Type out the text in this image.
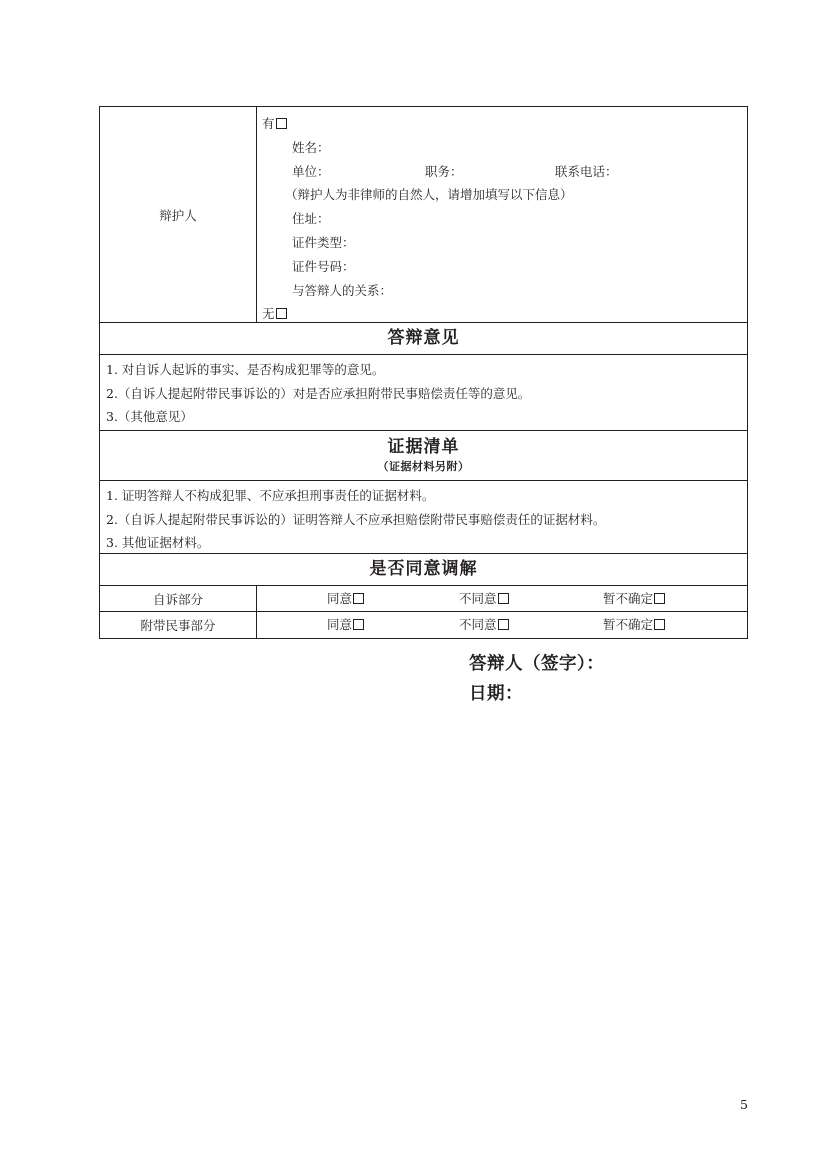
辩护人
有
姓名：
单位：	职务：	联系电话：
（辩护人为非律师的自然人，请增加填写以下信息）
住址：
证件类型：
证件号码：
与答辩人的关系：
无
答辩意见
1. 对自诉人起诉的事实、是否构成犯罪等的意见。
2.（自诉人提起附带民事诉讼的）对是否应承担附带民事赔偿责任等的意见。
3.（其他意见）
证据清单
（证据材料另附）
1. 证明答辩人不构成犯罪、不应承担刑事责任的证据材料。
2.（自诉人提起附带民事诉讼的）证明答辩人不应承担赔偿附带民事赔偿责任的证据材料。
3. 其他证据材料。
是否同意调解
自诉部分	同意	不同意	暂不确定
附带民事部分	同意	不同意	暂不确定
答辩人（签字）：
日期：
5
